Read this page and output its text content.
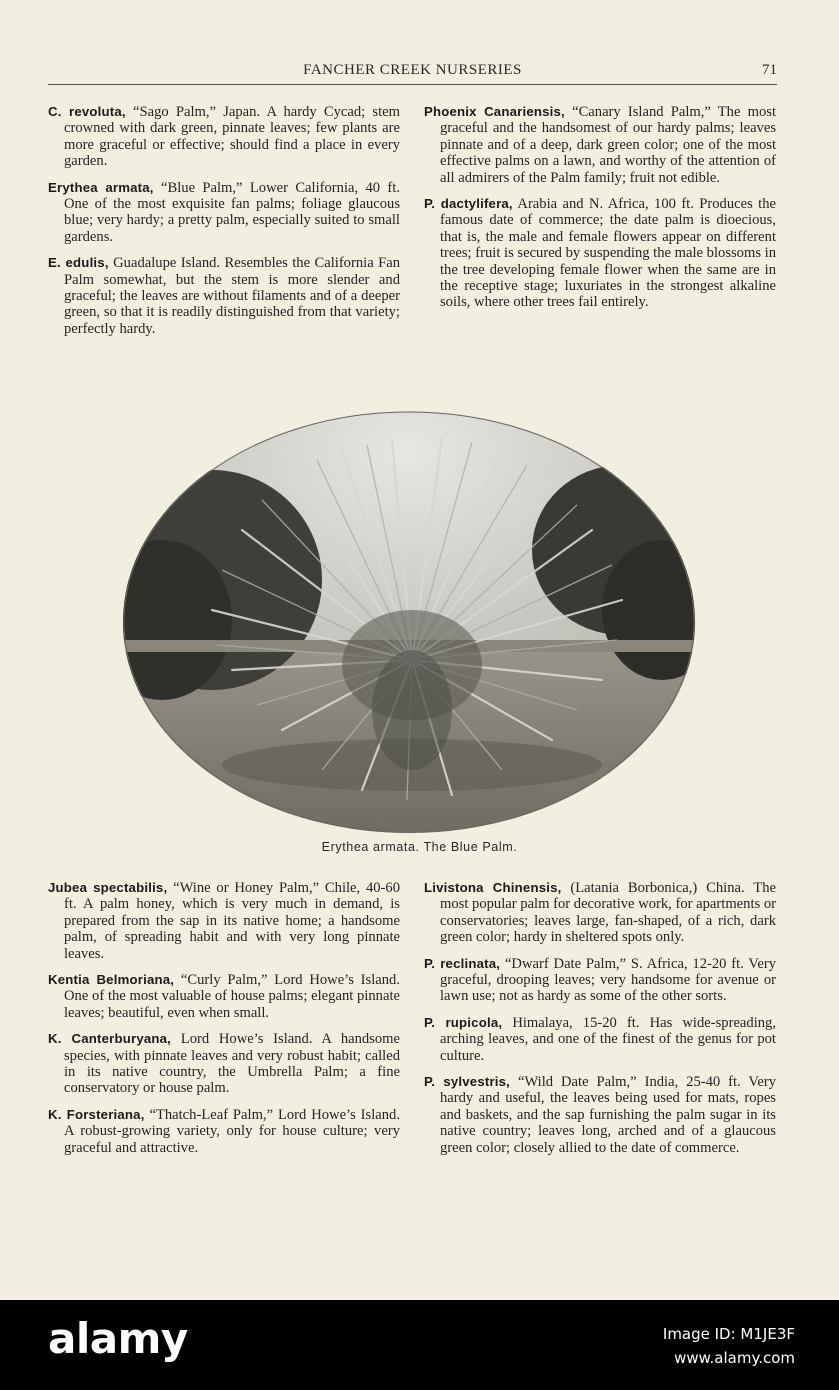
FANCHER CREEK NURSERIES	71

C. revoluta, “Sago Palm,” Japan. A hardy Cycad; stem crowned with dark green, pinnate leaves; few plants are more graceful or effective; should find a place in every garden.

Erythea armata, “Blue Palm,” Lower California, 40 ft. One of the most exquisite fan palms; foliage glaucous blue; very hardy; a pretty palm, especially suited to small gardens.

E. edulis, Guadalupe Island. Resembles the California Fan Palm somewhat, but the stem is more slender and graceful; the leaves are without filaments and of a deeper green, so that it is readily distinguished from that variety; perfectly hardy.

Phoenix Canariensis, “Canary Island Palm,” The most graceful and the handsomest of our hardy palms; leaves pinnate and of a deep, dark green color; one of the most effective palms on a lawn, and worthy of the attention of all admirers of the Palm family; fruit not edible.

P. dactylifera, Arabia and N. Africa, 100 ft. Produces the famous date of commerce; the date palm is dioecious, that is, the male and female flowers appear on different trees; fruit is secured by suspending the male blossoms in the tree developing female flower when the same are in the receptive stage; luxuriates in the strongest alkaline soils, where other trees fail entirely.

Erythea armata. The Blue Palm.

Jubea spectabilis, “Wine or Honey Palm,” Chile, 40-60 ft. A palm honey, which is very much in demand, is prepared from the sap in its native home; a handsome palm, of spreading habit and with very long pinnate leaves.

Kentia Belmoriana, “Curly Palm,” Lord Howe’s Island. One of the most valuable of house palms; elegant pinnate leaves; beautiful, even when small.

K. Canterburyana, Lord Howe’s Island. A handsome species, with pinnate leaves and very robust habit; called in its native country, the Umbrella Palm; a fine conservatory or house palm.

K. Forsteriana, “Thatch-Leaf Palm,” Lord Howe’s Island. A robust-growing variety, only for house culture; very graceful and attractive.

Livistona Chinensis, (Latania Borbonica,) China. The most popular palm for decorative work, for apartments or conservatories; leaves large, fan-shaped, of a rich, dark green color; hardy in sheltered spots only.

P. reclinata, “Dwarf Date Palm,” S. Africa, 12-20 ft. Very graceful, drooping leaves; very handsome for avenue or lawn use; not as hardy as some of the other sorts.

P. rupicola, Himalaya, 15-20 ft. Has wide-spreading, arching leaves, and one of the finest of the genus for pot culture.

P. sylvestris, “Wild Date Palm,” India, 25-40 ft. Very hardy and useful, the leaves being used for mats, ropes and baskets, and the sap furnishing the palm sugar in its native country; leaves long, arched and of a glaucous green color; closely allied to the date of commerce.

alamy	Image ID: M1JE3F
www.alamy.com
